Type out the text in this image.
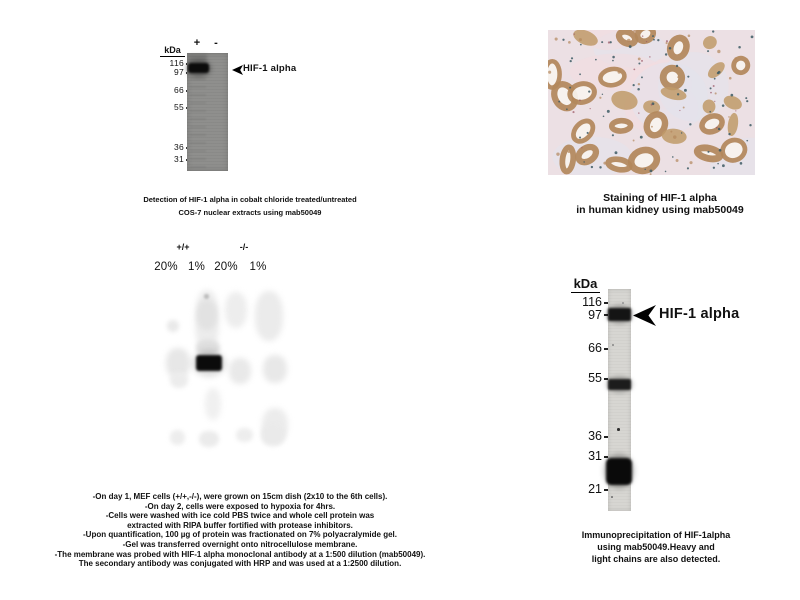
kDa
116
97
66
55
36
31
+	-
HIF-1 alpha
Detection of HIF-1 alpha in cobalt chloride treated/untreated
COS-7 nuclear extracts using mab50049
Staining of HIF-1 alpha
in human kidney using mab50049
+/+	-/-
20% 1% 20%	1%
-On day 1, MEF cells (+/+,-/-), were grown on 15cm dish (2x10 to the 6th cells).
-On day 2, cells were exposed to hypoxia for 4hrs.
-Cells were washed with ice cold PBS twice and whole cell protein was
extracted with RIPA buffer fortified with protease inhibitors.
-Upon quantification, 100 µg of protein was fractionated on 7% polyacralymide gel.
-Gel was transferred overnight onto nitrocellulose membrane.
-The membrane was probed with HIF-1 alpha monoclonal antibody at a 1:500 dilution (mab50049).
The secondary antibody was conjugated with HRP and was used at a 1:2500 dilution.
kDa
116
97
66
55
36
31
21
HIF-1 alpha
Immunoprecipitation of HIF-1alpha
using mab50049.Heavy and
light chains are also detected.
